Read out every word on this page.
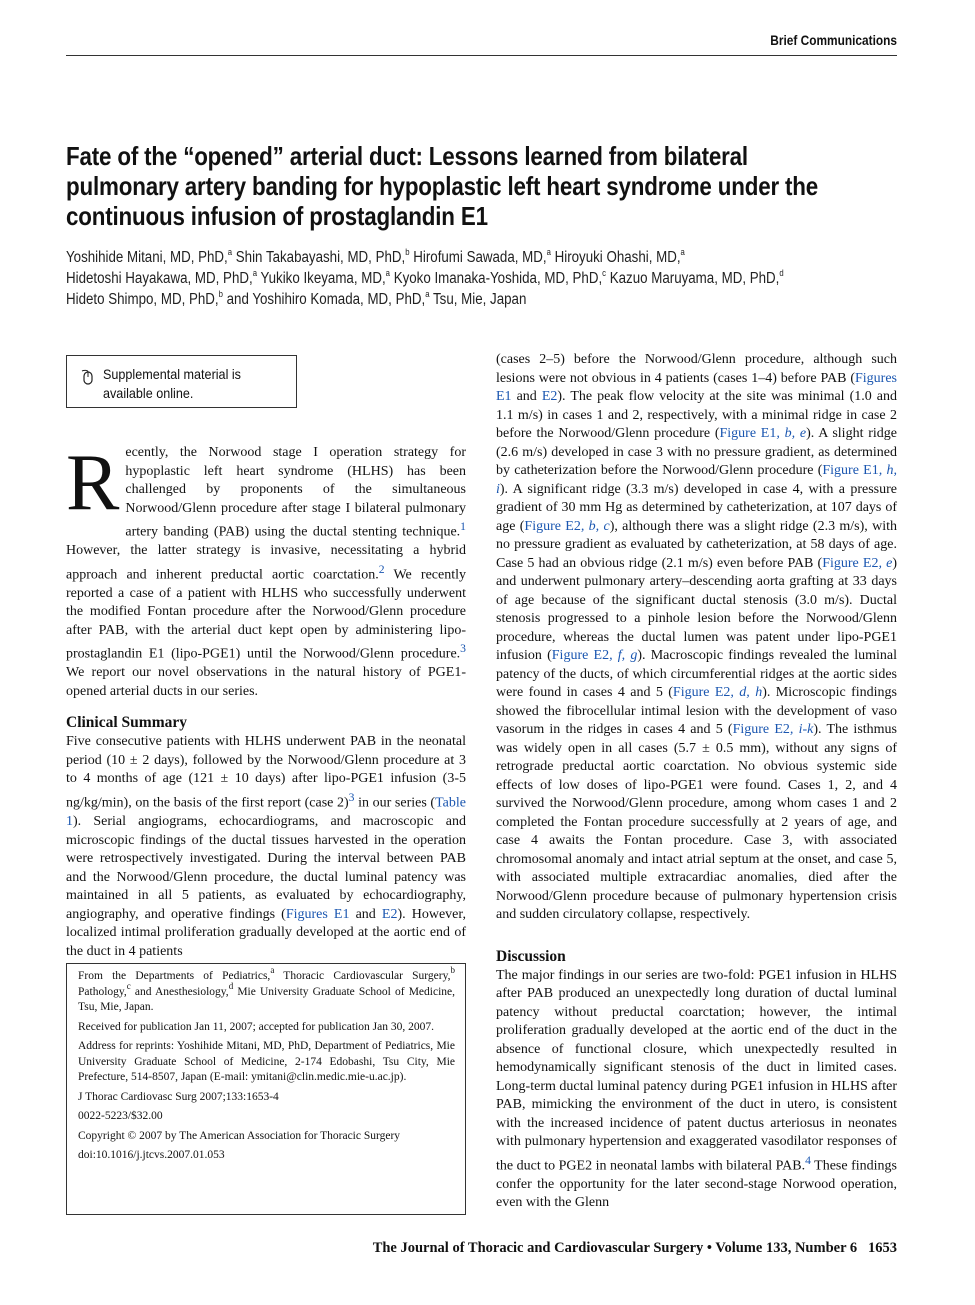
Brief Communications
Fate of the “opened” arterial duct: Lessons learned from bilateral pulmonary artery banding for hypoplastic left heart syndrome under the continuous infusion of prostaglandin E1

Yoshihide Mitani, MD, PhD,$^a$ Shin Takabayashi, MD, PhD,$^b$ Hirofumi Sawada, MD,$^a$ Hiroyuki Ohashi, MD,$^a$
Hidetoshi Hayakawa, MD, PhD,$^a$ Yukiko Ikeyama, MD,$^a$ Kyoko Imanaka-Yoshida, MD, PhD,$^c$ Kazuo Maruyama, MD, PhD,$^d$
Hideto Shimpo, MD, PhD,$^b$ and Yoshihiro Komada, MD, PhD,$^a$ Tsu, Mie, Japan

Supplemental material is
available online.

Recently, the Norwood stage I operation strategy for hypoplastic left heart syndrome (HLHS) has been challenged by proponents of the simultaneous Norwood/Glenn procedure after stage I bilateral pulmonary artery banding (PAB) using the ductal stenting technique.$^1$ However, the latter strategy is invasive, necessitating a hybrid approach and inherent preductal aortic coarctation.$^2$ We recently reported a case of a patient with HLHS who successfully underwent the modified Fontan procedure after the Norwood/Glenn procedure after PAB, with the arterial duct kept open by administering lipo-prostaglandin E1 (lipo-PGE1) until the Norwood/Glenn procedure.$^3$ We report our novel observations in the natural history of PGE1-opened arterial ducts in our series.

Clinical Summary

Five consecutive patients with HLHS underwent PAB in the neonatal period (10 ± 2 days), followed by the Norwood/Glenn procedure at 3 to 4 months of age (121 ± 10 days) after lipo-PGE1 infusion (3-5 ng/kg/min), on the basis of the first report (case 2)$^3$ in our series (Table 1). Serial angiograms, echocardiograms, and macroscopic and microscopic findings of the ductal tissues harvested in the operation were retrospectively investigated. During the interval between PAB and the Norwood/Glenn procedure, the ductal luminal patency was maintained in all 5 patients, as evaluated by echocardiography, angiography, and operative findings (Figures E1 and E2). However, localized intimal proliferation gradually developed at the aortic end of the duct in 4 patients

(cases 2–5) before the Norwood/Glenn procedure, although such lesions were not obvious in 4 patients (cases 1–4) before PAB (Figures E1 and E2). The peak flow velocity at the site was minimal (1.0 and 1.1 m/s) in cases 1 and 2, respectively, with a minimal ridge in case 2 before the Norwood/Glenn procedure (Figure E1, b, e). A slight ridge (2.6 m/s) developed in case 3 with no pressure gradient, as determined by catheterization before the Norwood/Glenn procedure (Figure E1, h, i). A significant ridge (3.3 m/s) developed in case 4, with a pressure gradient of 30 mm Hg as determined by catheterization, at 107 days of age (Figure E2, b, c), although there was a slight ridge (2.3 m/s), with no pressure gradient as evaluated by catheterization, at 58 days of age. Case 5 had an obvious ridge (2.1 m/s) even before PAB (Figure E2, e) and underwent pulmonary artery–descending aorta grafting at 33 days of age because of the significant ductal stenosis (3.0 m/s). Ductal stenosis progressed to a pinhole lesion before the Norwood/Glenn procedure, whereas the ductal lumen was patent under lipo-PGE1 infusion (Figure E2, f, g). Macroscopic findings revealed the luminal patency of the ducts, of which circumferential ridges at the aortic sides were found in cases 4 and 5 (Figure E2, d, h). Microscopic findings showed the fibrocellular intimal lesion with the development of vaso vasorum in the ridges in cases 4 and 5 (Figure E2, i-k). The isthmus was widely open in all cases (5.7 ± 0.5 mm), without any signs of retrograde preductal aortic coarctation. No obvious systemic side effects of low doses of lipo-PGE1 were found. Cases 1, 2, and 4 survived the Norwood/Glenn procedure, among whom cases 1 and 2 completed the Fontan procedure successfully at 2 years of age, and case 4 awaits the Fontan procedure. Case 3, with associated chromosomal anomaly and intact atrial septum at the onset, and case 5, with associated multiple extracardiac anomalies, died after the Norwood/Glenn procedure because of pulmonary hypertension crisis and sudden circulatory collapse, respectively.

Discussion

The major findings in our series are two-fold: PGE1 infusion in HLHS after PAB produced an unexpectedly long duration of ductal luminal patency without preductal coarctation; however, the intimal proliferation gradually developed at the aortic end of the duct in the absence of functional closure, which unexpectedly resulted in hemodynamically significant stenosis of the duct in limited cases. Long-term ductal luminal patency during PGE1 infusion in HLHS after PAB, mimicking the environment of the duct in utero, is consistent with the increased incidence of patent ductus arteriosus in neonates with pulmonary hypertension and exaggerated vasodilator responses of the duct to PGE2 in neonatal lambs with bilateral PAB.$^4$ These findings confer the opportunity for the later second-stage Norwood operation, even with the Glenn

From the Departments of Pediatrics,$^a$ Thoracic Cardiovascular Surgery,$^b$ Pathology,$^c$ and Anesthesiology,$^d$ Mie University Graduate School of Medicine, Tsu, Mie, Japan.

Received for publication Jan 11, 2007; accepted for publication Jan 30, 2007.

Address for reprints: Yoshihide Mitani, MD, PhD, Department of Pediatrics, Mie University Graduate School of Medicine, 2-174 Edobashi, Tsu City, Mie Prefecture, 514-8507, Japan (E-mail: ymitani@clin.medic.mie-u.ac.jp).

J Thorac Cardiovasc Surg 2007;133:1653-4

0022-5223/$32.00

Copyright © 2007 by The American Association for Thoracic Surgery

doi:10.1016/j.jtcvs.2007.01.053

The Journal of Thoracic and Cardiovascular Surgery • Volume 133, Number 6 1653
